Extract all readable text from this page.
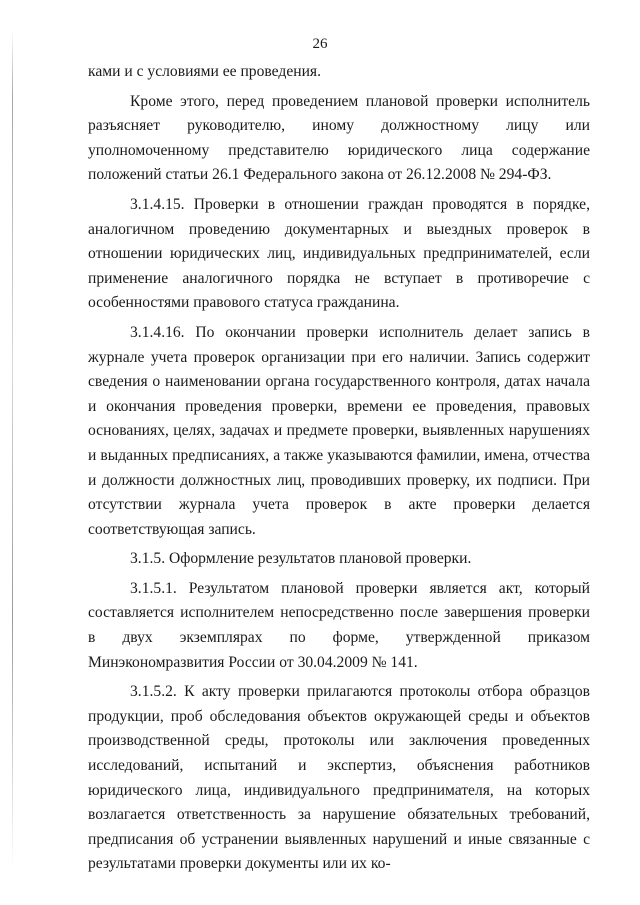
26

ками и с условиями ее проведения.

Кроме этого, перед проведением плановой проверки исполнитель разъясняет руководителю, иному должностному лицу или уполномоченному представителю юридического лица содержание положений статьи 26.1 Федерального закона от 26.12.2008 № 294-ФЗ.

3.1.4.15. Проверки в отношении граждан проводятся в порядке, аналогичном проведению документарных и выездных проверок в отношении юридических лиц, индивидуальных предпринимателей, если применение аналогичного порядка не вступает в противоречие с особенностями правового статуса гражданина.

3.1.4.16. По окончании проверки исполнитель делает запись в журнале учета проверок организации при его наличии. Запись содержит сведения о наименовании органа государственного контроля, датах начала и окончания проведения проверки, времени ее проведения, правовых основаниях, целях, задачах и предмете проверки, выявленных нарушениях и выданных предписаниях, а также указываются фамилии, имена, отчества и должности должностных лиц, проводивших проверку, их подписи. При отсутствии журнала учета проверок в акте проверки делается соответствующая запись.

3.1.5. Оформление результатов плановой проверки.

3.1.5.1. Результатом плановой проверки является акт, который составляется исполнителем непосредственно после завершения проверки в двух экземплярах по форме, утвержденной приказом Минэкономразвития России от 30.04.2009 № 141.

3.1.5.2. К акту проверки прилагаются протоколы отбора образцов продукции, проб обследования объектов окружающей среды и объектов производственной среды, протоколы или заключения проведенных исследований, испытаний и экспертиз, объяснения работников юридического лица, индивидуального предпринимателя, на которых возлагается ответственность за нарушение обязательных требований, предписания об устранении выявленных нарушений и иные связанные с результатами проверки документы или их ко-
